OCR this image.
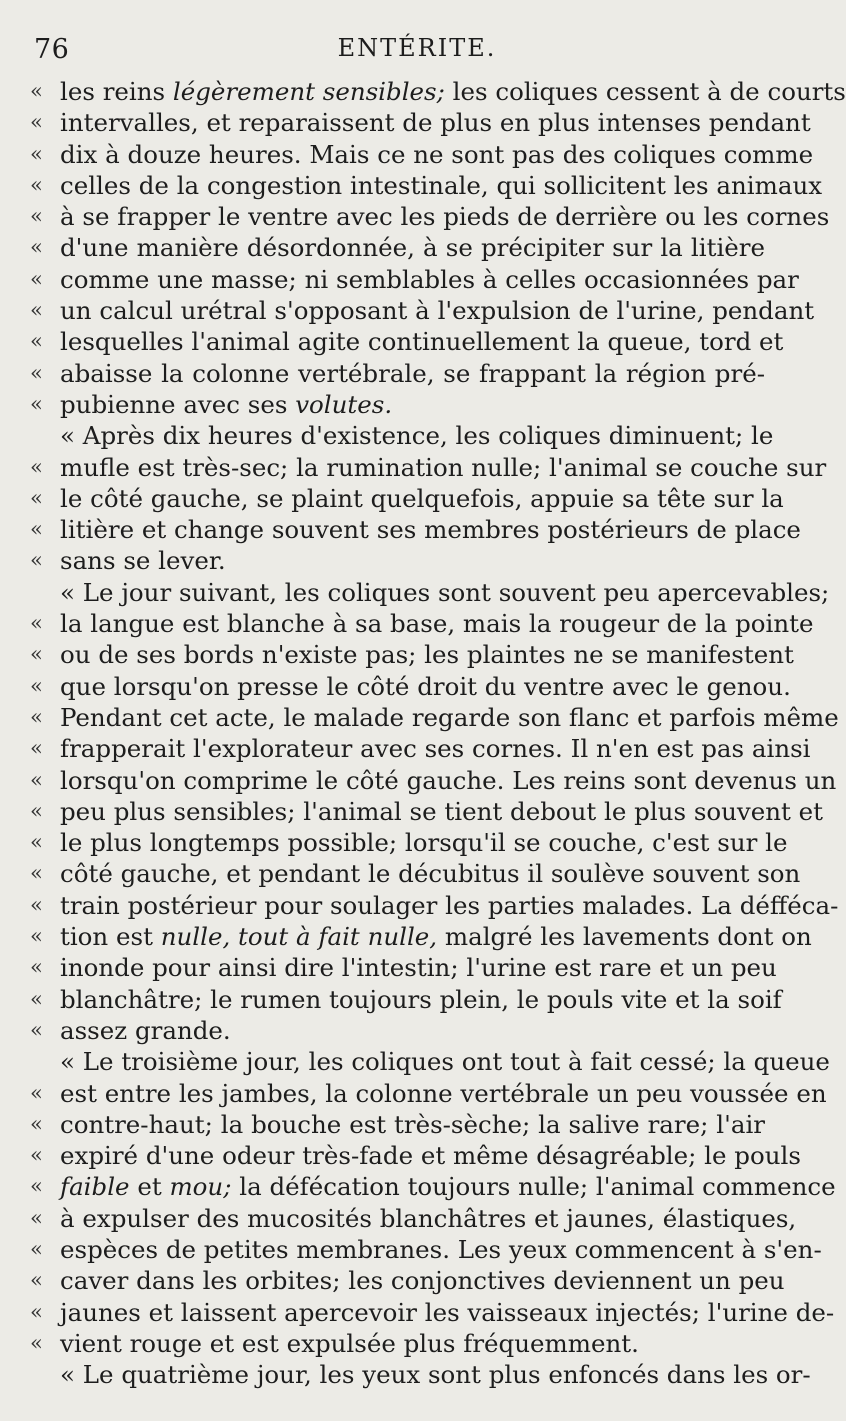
76	ENTÉRITE.
« les reins légèrement sensibles; les coliques cessent à de courts
« intervalles, et reparaissent de plus en plus intenses pendant
« dix à douze heures. Mais ce ne sont pas des coliques comme
« celles de la congestion intestinale, qui sollicitent les animaux
« à se frapper le ventre avec les pieds de derrière ou les cornes
« d'une manière désordonnée, à se précipiter sur la litière
« comme une masse; ni semblables à celles occasionnées par
« un calcul urétral s'opposant à l'expulsion de l'urine, pendant
« lesquelles l'animal agite continuellement la queue, tord et
« abaisse la colonne vertébrale, se frappant la région pré-
« pubienne avec ses volutes.
« Après dix heures d'existence, les coliques diminuent; le
« mufle est très-sec; la rumination nulle; l'animal se couche sur
« le côté gauche, se plaint quelquefois, appuie sa tête sur la
« litière et change souvent ses membres postérieurs de place
« sans se lever.
« Le jour suivant, les coliques sont souvent peu apercevables;
« la langue est blanche à sa base, mais la rougeur de la pointe
« ou de ses bords n'existe pas; les plaintes ne se manifestent
« que lorsqu'on presse le côté droit du ventre avec le genou.
« Pendant cet acte, le malade regarde son flanc et parfois même
« frapperait l'explorateur avec ses cornes. Il n'en est pas ainsi
« lorsqu'on comprime le côté gauche. Les reins sont devenus un
« peu plus sensibles; l'animal se tient debout le plus souvent et
« le plus longtemps possible; lorsqu'il se couche, c'est sur le
« côté gauche, et pendant le décubitus il soulève souvent son
« train postérieur pour soulager les parties malades. La défféca-
« tion est nulle, tout à fait nulle, malgré les lavements dont on
« inonde pour ainsi dire l'intestin; l'urine est rare et un peu
« blanchâtre; le rumen toujours plein, le pouls vite et la soif
« assez grande.
« Le troisième jour, les coliques ont tout à fait cessé; la queue
« est entre les jambes, la colonne vertébrale un peu voussée en
« contre-haut; la bouche est très-sèche; la salive rare; l'air
« expiré d'une odeur très-fade et même désagréable; le pouls
« faible et mou; la défécation toujours nulle; l'animal commence
« à expulser des mucosités blanchâtres et jaunes, élastiques,
« espèces de petites membranes. Les yeux commencent à s'en-
« caver dans les orbites; les conjonctives deviennent un peu
« jaunes et laissent apercevoir les vaisseaux injectés; l'urine de-
« vient rouge et est expulsée plus fréquemment.
« Le quatrième jour, les yeux sont plus enfoncés dans les or-
